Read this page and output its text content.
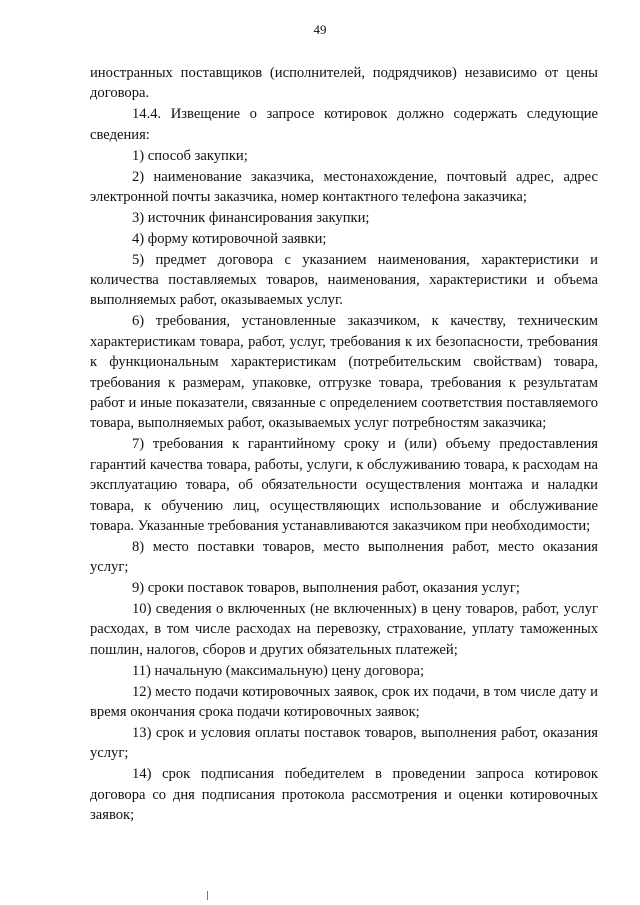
49

иностранных поставщиков (исполнителей, подрядчиков) независимо от цены договора.

14.4. Извещение о запросе котировок должно содержать следующие сведения:

1) способ закупки;

2) наименование заказчика, местонахождение, почтовый адрес, адрес электронной почты заказчика, номер контактного телефона заказчика;

3) источник финансирования закупки;

4) форму котировочной заявки;

5) предмет договора с указанием наименования, характеристики и количества поставляемых товаров, наименования, характеристики и объема выполняемых работ, оказываемых услуг.

6) требования, установленные заказчиком, к качеству, техническим характеристикам товара, работ, услуг, требования к их безопасности, требования к функциональным характеристикам (потребительским свойствам) товара, требования к размерам, упаковке, отгрузке товара, требования к результатам работ и иные показатели, связанные с определением соответствия поставляемого товара, выполняемых работ, оказываемых услуг потребностям заказчика;

7) требования к гарантийному сроку и (или) объему предоставления гарантий качества товара, работы, услуги, к обслуживанию товара, к расходам на эксплуатацию товара, об обязательности осуществления монтажа и наладки товара, к обучению лиц, осуществляющих использование и обслуживание товара. Указанные требования устанавливаются заказчиком при необходимости;

8) место поставки товаров, место выполнения работ, место оказания услуг;

9) сроки поставок товаров, выполнения работ, оказания услуг;

10) сведения о включенных (не включенных) в цену товаров, работ, услуг расходах, в том числе расходах на перевозку, страхование, уплату таможенных пошлин, налогов, сборов и других обязательных платежей;

11) начальную (максимальную) цену договора;

12) место подачи котировочных заявок, срок их подачи, в том числе дату и время окончания срока подачи котировочных заявок;

13) срок и условия оплаты поставок товаров, выполнения работ, оказания услуг;

14) срок подписания победителем в проведении запроса котировок договора со дня подписания протокола рассмотрения и оценки котировочных заявок;
